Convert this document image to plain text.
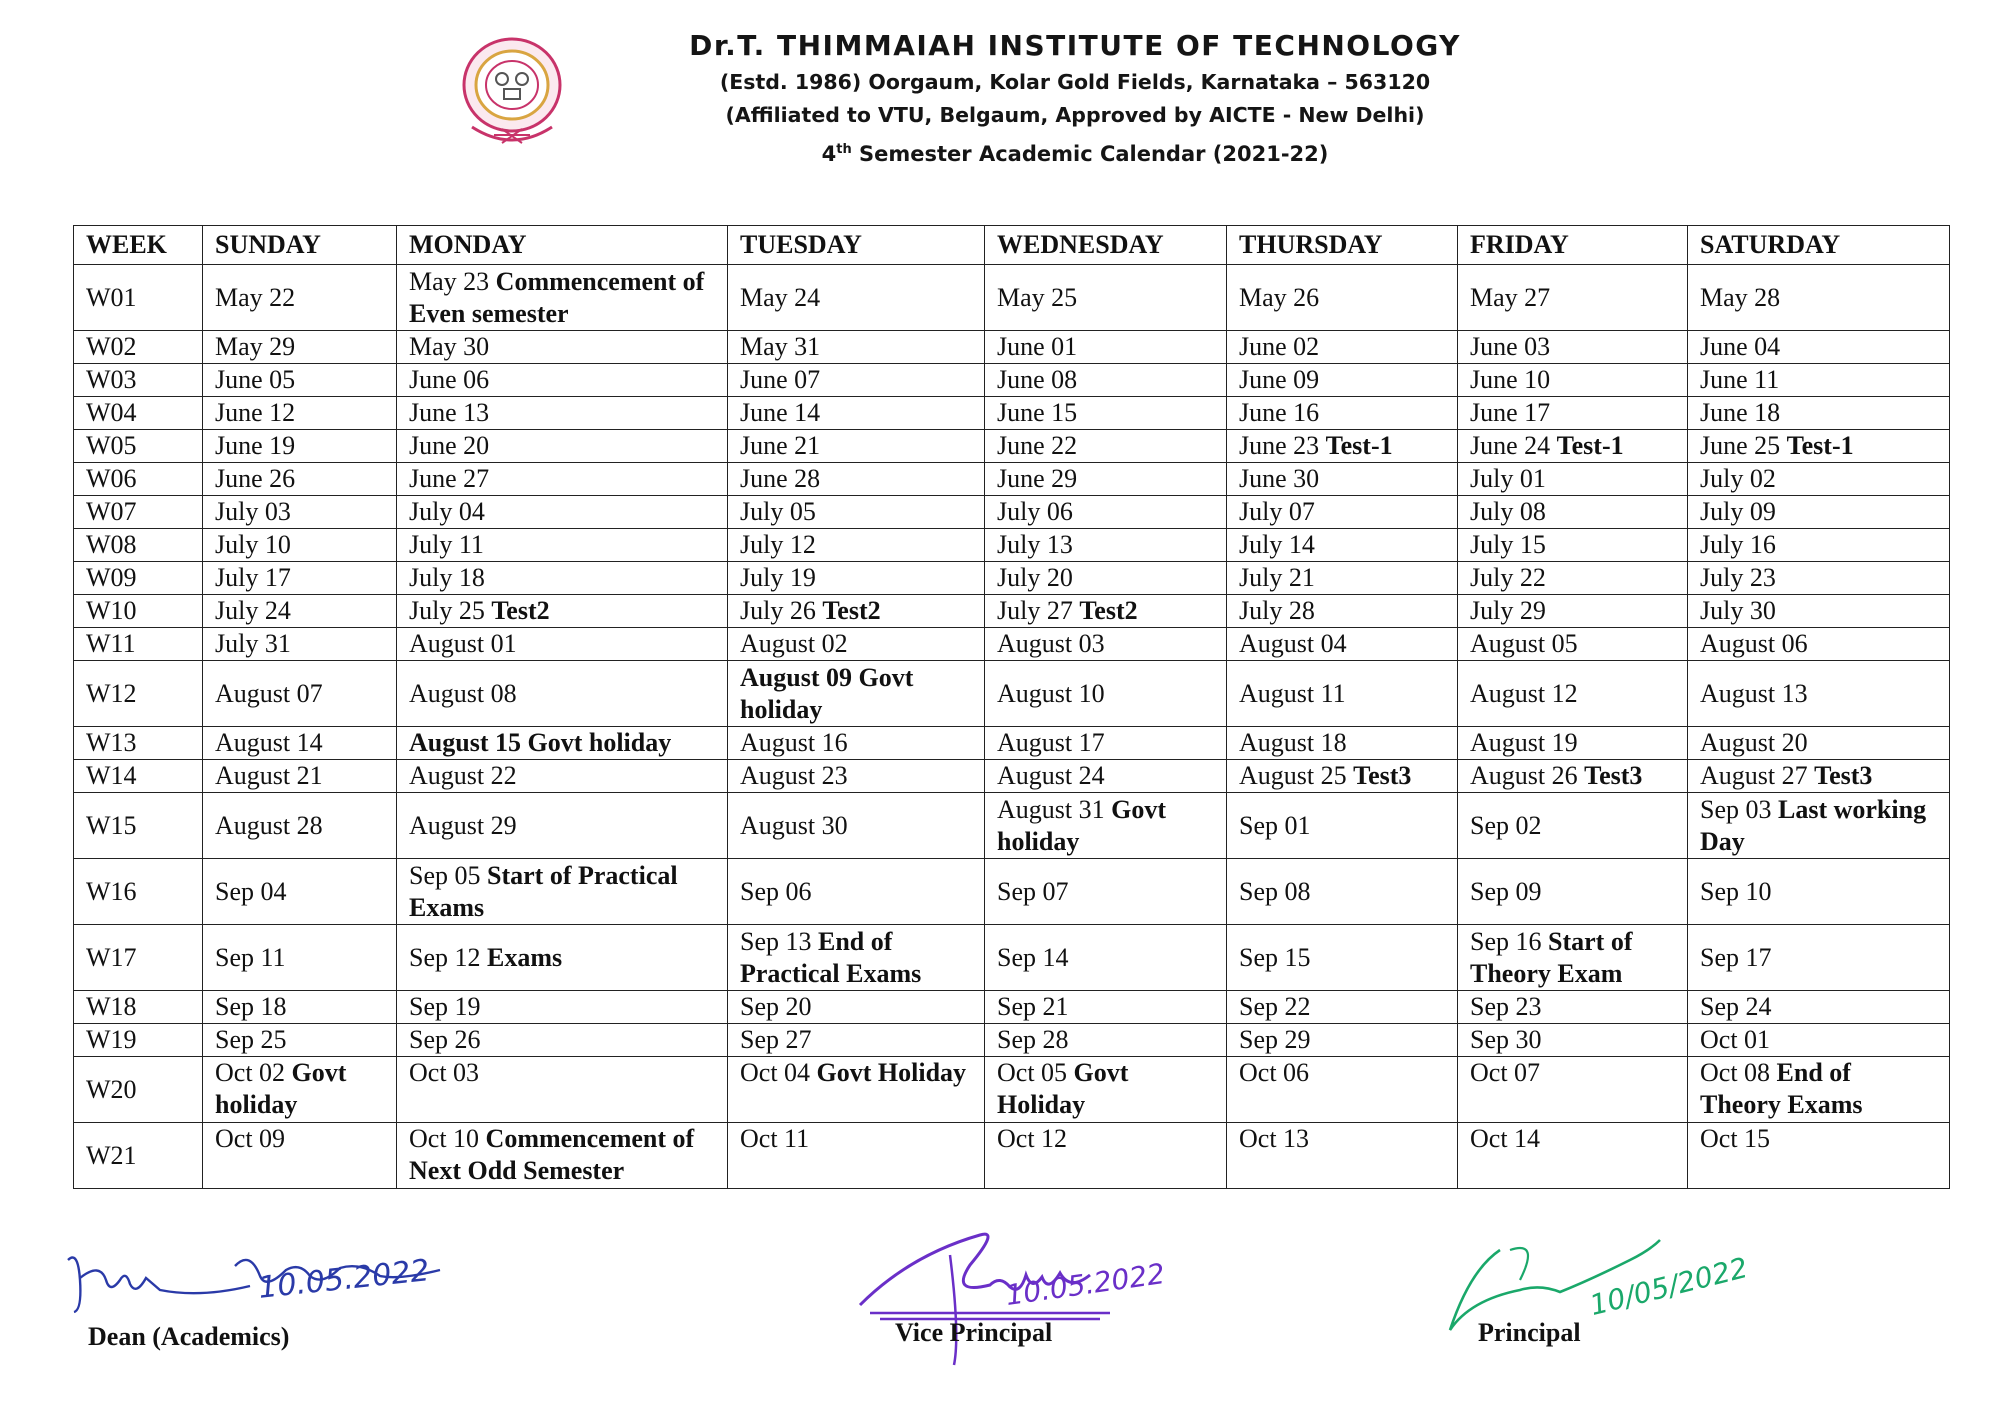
Dr.T. THIMMAIAH INSTITUTE OF TECHNOLOGY
(Estd. 1986) Oorgaum, Kolar Gold Fields, Karnataka – 563120
(Affiliated to VTU, Belgaum, Approved by AICTE - New Delhi)
4th Semester Academic Calendar (2021-22)
WEEK	SUNDAY	MONDAY	TUESDAY	WEDNESDAY	THURSDAY	FRIDAY	SATURDAY
W01	May 22	May 23 Commencement of Even semester	May 24	May 25	May 26	May 27	May 28
W02	May 29	May 30	May 31	June 01	June 02	June 03	June 04
W03	June 05	June 06	June 07	June 08	June 09	June 10	June 11
W04	June 12	June 13	June 14	June 15	June 16	June 17	June 18
W05	June 19	June 20	June 21	June 22	June 23 Test-1	June 24 Test-1	June 25 Test-1
W06	June 26	June 27	June 28	June 29	June 30	July 01	July 02
W07	July 03	July 04	July 05	July 06	July 07	July 08	July 09
W08	July 10	July 11	July 12	July 13	July 14	July 15	July 16
W09	July 17	July 18	July 19	July 20	July 21	July 22	July 23
W10	July 24	July 25 Test2	July 26 Test2	July 27 Test2	July 28	July 29	July 30
W11	July 31	August 01	August 02	August 03	August 04	August 05	August 06
W12	August 07	August 08	August 09 Govt holiday	August 10	August 11	August 12	August 13
W13	August 14	August 15 Govt holiday	August 16	August 17	August 18	August 19	August 20
W14	August 21	August 22	August 23	August 24	August 25 Test3	August 26 Test3	August 27 Test3
W15	August 28	August 29	August 30	August 31 Govt holiday	Sep 01	Sep 02	Sep 03 Last working Day
W16	Sep 04	Sep 05 Start of Practical Exams	Sep 06	Sep 07	Sep 08	Sep 09	Sep 10
W17	Sep 11	Sep 12 Exams	Sep 13 End of Practical Exams	Sep 14	Sep 15	Sep 16 Start of Theory Exam	Sep 17
W18	Sep 18	Sep 19	Sep 20	Sep 21	Sep 22	Sep 23	Sep 24
W19	Sep 25	Sep 26	Sep 27	Sep 28	Sep 29	Sep 30	Oct 01
W20	Oct 02 Govt holiday	Oct 03	Oct 04 Govt Holiday	Oct 05 Govt Holiday	Oct 06	Oct 07	Oct 08 End of Theory Exams
W21	Oct 09	Oct 10 Commencement of Next Odd Semester	Oct 11	Oct 12	Oct 13	Oct 14	Oct 15
10.05.2022
Dean (Academics)
10.05.2022
Vice Principal
10/05/2022
Principal
